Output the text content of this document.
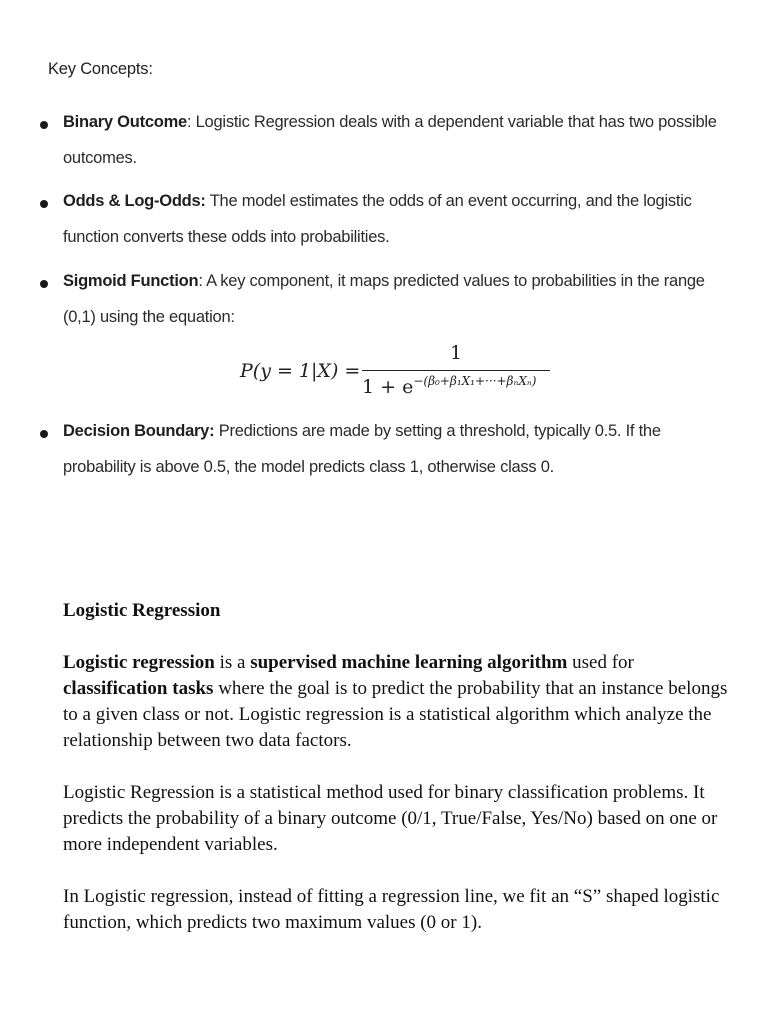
Key Concepts:
Binary Outcome: Logistic Regression deals with a dependent variable that has two possible outcomes.
Odds & Log-Odds: The model estimates the odds of an event occurring, and the logistic function converts these odds into probabilities.
Sigmoid Function: A key component, it maps predicted values to probabilities in the range (0,1) using the equation:
P(y = 1|X) =
1
$1 + e^{-(\beta_0+\beta_1X_1+\cdot\cdot\cdot+\beta_nX_n)}$
Decision Boundary: Predictions are made by setting a threshold, typically 0.5. If the probability is above 0.5, the model predicts class 1, otherwise class 0.

Logistic Regression

Logistic regression is a supervised machine learning algorithm used for classification tasks where the goal is to predict the probability that an instance belongs to a given class or not. Logistic regression is a statistical algorithm which analyze the relationship between two data factors.

Logistic Regression is a statistical method used for binary classification problems. It predicts the probability of a binary outcome (0/1, True/False, Yes/No) based on one or more independent variables.

In Logistic regression, instead of fitting a regression line, we fit an “S” shaped logistic function, which predicts two maximum values (0 or 1).
